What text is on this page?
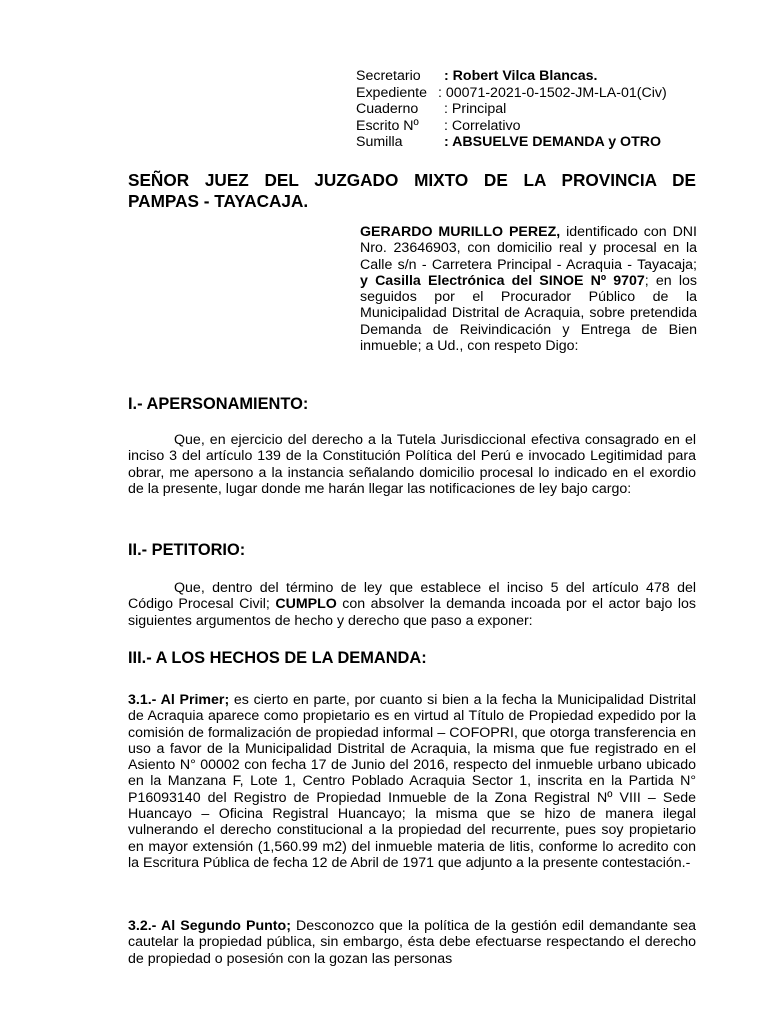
Secretario	: Robert Vilca Blancas.
Expediente : 00071-2021-0-1502-JM-LA-01(Civ)
Cuaderno	: Principal
Escrito Nº	: Correlativo
Sumilla	: ABSUELVE DEMANDA y OTRO
SEÑOR JUEZ DEL JUZGADO MIXTO DE LA PROVINCIA DE
PAMPAS - TAYACAJA.
GERARDO MURILLO PEREZ, identificado con DNI Nro. 23646903, con domicilio real y procesal en la Calle s/n - Carretera Principal - Acraquia - Tayacaja; y Casilla Electrónica del SINOE Nº 9707; en los seguidos por el Procurador Público de la Municipalidad Distrital de Acraquia, sobre pretendida Demanda de Reivindicación y Entrega de Bien inmueble; a Ud., con respeto Digo:
I.- APERSONAMIENTO:

Que, en ejercicio del derecho a la Tutela Jurisdiccional efectiva consagrado en el inciso 3 del artículo 139 de la Constitución Política del Perú e invocado Legitimidad para obrar, me apersono a la instancia señalando domicilio procesal lo indicado en el exordio de la presente, lugar donde me harán llegar las notificaciones de ley bajo cargo:

II.- PETITORIO:

Que, dentro del término de ley que establece el inciso 5 del artículo 478 del Código Procesal Civil; CUMPLO con absolver la demanda incoada por el actor bajo los siguientes argumentos de hecho y derecho que paso a exponer:

III.- A LOS HECHOS DE LA DEMANDA:

3.1.- Al Primer; es cierto en parte, por cuanto si bien a la fecha la Municipalidad Distrital de Acraquia aparece como propietario es en virtud al Título de Propiedad expedido por la comisión de formalización de propiedad informal – COFOPRI, que otorga transferencia en uso a favor de la Municipalidad Distrital de Acraquia, la misma que fue registrado en el Asiento N° 00002 con fecha 17 de Junio del 2016, respecto del inmueble urbano ubicado en la Manzana F, Lote 1, Centro Poblado Acraquia Sector 1, inscrita en la Partida N° P16093140 del Registro de Propiedad Inmueble de la Zona Registral Nº VIII – Sede Huancayo – Oficina Registral Huancayo; la misma que se hizo de manera ilegal vulnerando el derecho constitucional a la propiedad del recurrente, pues soy propietario en mayor extensión (1,560.99 m2) del inmueble materia de litis, conforme lo acredito con la Escritura Pública de fecha 12 de Abril de 1971 que adjunto a la presente contestación.-

3.2.- Al Segundo Punto; Desconozco que la política de la gestión edil demandante sea cautelar la propiedad pública, sin embargo, ésta debe efectuarse respectando el derecho de propiedad o posesión con la gozan las personas
